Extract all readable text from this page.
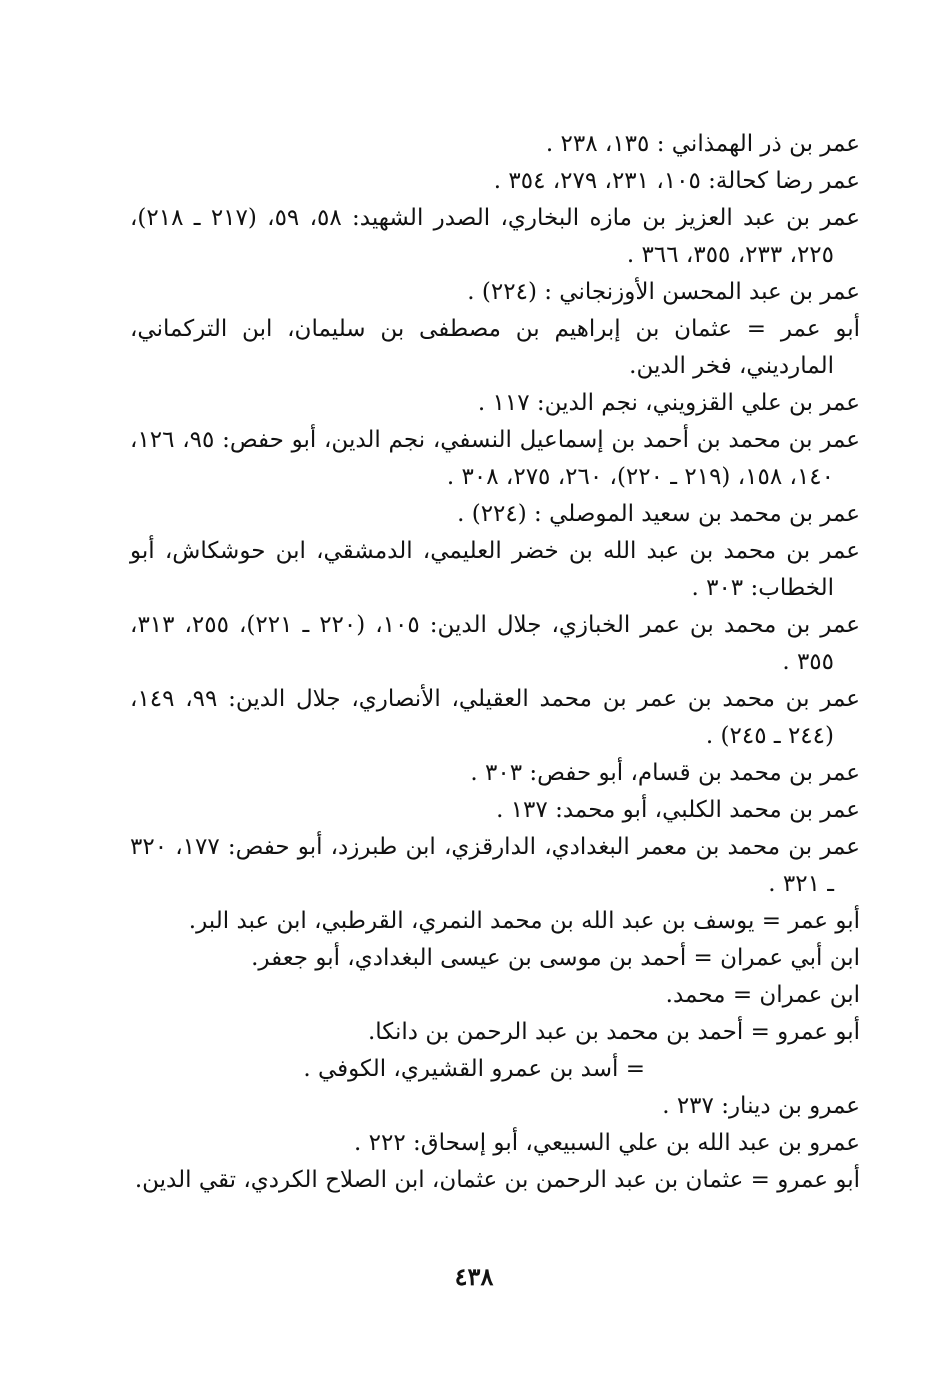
عمر بن ذر الهمذاني : ١٣٥، ٢٣٨ .

عمر رضا كحالة: ١٠٥، ٢٣١، ٢٧٩، ٣٥٤ .

عمر بن عبد العزيز بن مازه البخاري، الصدر الشهيد: ٥٨، ٥٩، (٢١٧ ـ ٢١٨)، ٢٢٥، ٢٣٣، ٣٥٥، ٣٦٦ .

عمر بن عبد المحسن الأوزنجاني : (٢٢٤) .

أبو عمر = عثمان بن إبراهيم بن مصطفى بن سليمان، ابن التركماني، المارديني، فخر الدين.

عمر بن علي القزويني، نجم الدين: ١١٧ .

عمر بن محمد بن أحمد بن إسماعيل النسفي، نجم الدين، أبو حفص: ٩٥، ١٢٦، ١٤٠، ١٥٨، (٢١٩ ـ ٢٢٠)، ٢٦٠، ٢٧٥، ٣٠٨ .

عمر بن محمد بن سعيد الموصلي : (٢٢٤) .

عمر بن محمد بن عبد الله بن خضر العليمي، الدمشقي، ابن حوشكاش، أبو الخطاب: ٣٠٣ .

عمر بن محمد بن عمر الخبازي، جلال الدين: ١٠٥، (٢٢٠ ـ ٢٢١)، ٢٥٥، ٣١٣، ٣٥٥ .

عمر بن محمد بن عمر بن محمد العقيلي، الأنصاري، جلال الدين: ٩٩، ١٤٩، (٢٤٤ ـ ٢٤٥) .

عمر بن محمد بن قسام، أبو حفص: ٣٠٣ .

عمر بن محمد الكلبي، أبو محمد: ١٣٧ .

عمر بن محمد بن معمر البغدادي، الدارقزي، ابن طبرزد، أبو حفص: ١٧٧، ٣٢٠ ـ ٣٢١ .

أبو عمر = يوسف بن عبد الله بن محمد النمري، القرطبي، ابن عبد البر.

ابن أبي عمران = أحمد بن موسى بن عيسى البغدادي، أبو جعفر.

ابن عمران = محمد.

أبو عمرو = أحمد بن محمد بن عبد الرحمن بن دانكا.

= أسد بن عمرو القشيري، الكوفي .

عمرو بن دينار: ٢٣٧ .

عمرو بن عبد الله بن علي السبيعي، أبو إسحاق: ٢٢٢ .

أبو عمرو = عثمان بن عبد الرحمن بن عثمان، ابن الصلاح الكردي، تقي الدين.

٤٣٨
